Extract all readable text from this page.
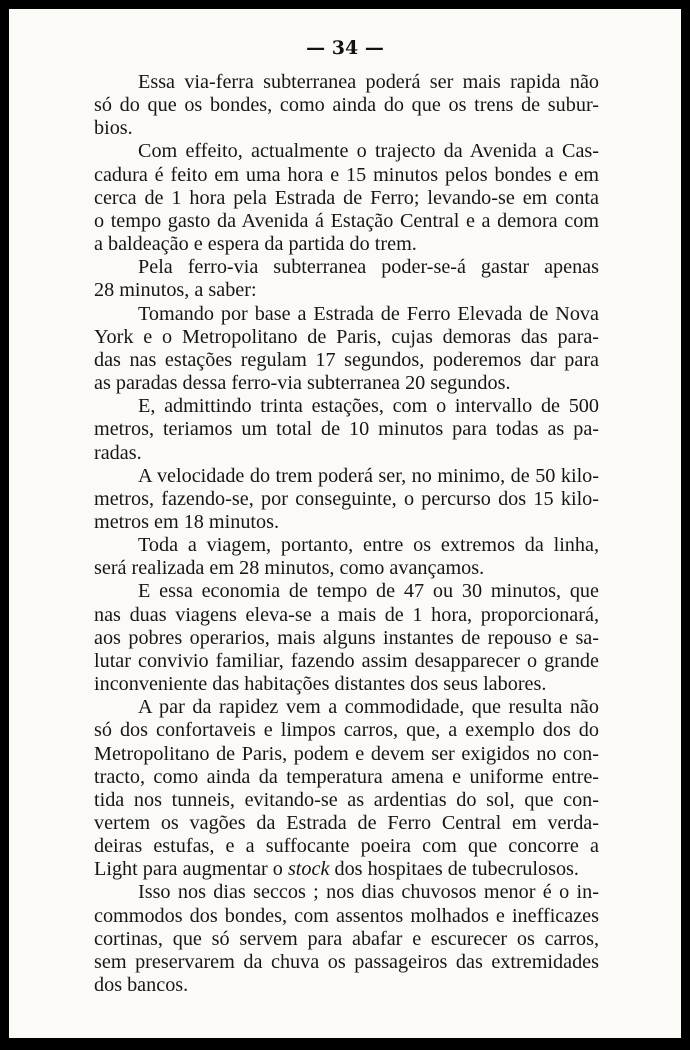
— 34 —

Essa via-ferra subterranea poderá ser mais rapida não

só do que os bondes, como ainda do que os trens de subur-

bios.

Com effeito, actualmente o trajecto da Avenida a Cas-

cadura é feito em uma hora e 15 minutos pelos bondes e em

cerca de 1 hora pela Estrada de Ferro; levando-se em conta

o tempo gasto da Avenida á Estação Central e a demora com

a baldeação e espera da partida do trem.

Pela ferro-via subterranea poder-se-á gastar apenas

28 minutos, a saber:

Tomando por base a Estrada de Ferro Elevada de Nova

York e o Metropolitano de Paris, cujas demoras das para-

das nas estações regulam 17 segundos, poderemos dar para

as paradas dessa ferro-via subterranea 20 segundos.

E, admittindo trinta estações, com o intervallo de 500

metros, teriamos um total de 10 minutos para todas as pa-

radas.

A velocidade do trem poderá ser, no minimo, de 50 kilo-

metros, fazendo-se, por conseguinte, o percurso dos 15 kilo-

metros em 18 minutos.

Toda a viagem, portanto, entre os extremos da linha,

será realizada em 28 minutos, como avançamos.

E essa economia de tempo de 47 ou 30 minutos, que

nas duas viagens eleva-se a mais de 1 hora, proporcionará,

aos pobres operarios, mais alguns instantes de repouso e sa-

lutar convivio familiar, fazendo assim desapparecer o grande

inconveniente das habitações distantes dos seus labores.

A par da rapidez vem a commodidade, que resulta não

só dos confortaveis e limpos carros, que, a exemplo dos do

Metropolitano de Paris, podem e devem ser exigidos no con-

tracto, como ainda da temperatura amena e uniforme entre-

tida nos tunneis, evitando-se as ardentias do sol, que con-

vertem os vagões da Estrada de Ferro Central em verda-

deiras estufas, e a suffocante poeira com que concorre a

Light para augmentar o stock dos hospitaes de tubecrulosos.

Isso nos dias seccos ; nos dias chuvosos menor é o in-

commodos dos bondes, com assentos molhados e inefficazes

cortinas, que só servem para abafar e escurecer os carros,

sem preservarem da chuva os passageiros das extremidades

dos bancos.
